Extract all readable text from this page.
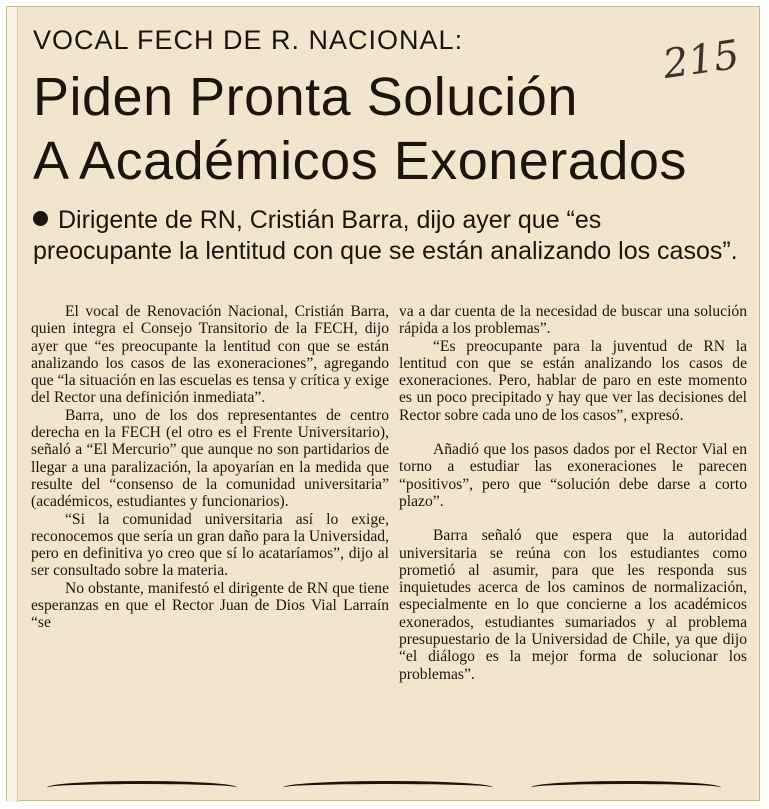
VOCAL FECH DE R. NACIONAL:	215
Piden Pronta Solución
A Académicos Exonerados
Dirigente de RN, Cristián Barra, dijo ayer que “es preocupante la lentitud con que se están analizando los casos”.

El vocal de Renovación Nacional, Cristián Barra, quien integra el Consejo Transitorio de la FECH, dijo ayer que “es preocupante la lentitud con que se están analizando los casos de las exoneraciones”, agregando que “la situación en las escuelas es tensa y crítica y exige del Rector una definición inmediata”.

Barra, uno de los dos representantes de centro derecha en la FECH (el otro es el Frente Universitario), señaló a “El Mercurio” que aunque no son partidarios de llegar a una paralización, la apoyarían en la medida que resulte del “consenso de la comunidad universitaria” (académicos, estudiantes y funcionarios).

“Si la comunidad universitaria así lo exige, reconocemos que sería un gran daño para la Universidad, pero en definitiva yo creo que sí lo acataríamos”, dijo al ser consultado sobre la materia.

No obstante, manifestó el dirigente de RN que tiene esperanzas en que el Rector Juan de Dios Vial Larraín “se

va a dar cuenta de la necesidad de buscar una solución rápida a los problemas”.

“Es preocupante para la juventud de RN la lentitud con que se están analizando los casos de exoneraciones. Pero, hablar de paro en este momento es un poco precipitado y hay que ver las decisiones del Rector sobre cada uno de los casos”, expresó.

Añadió que los pasos dados por el Rector Vial en torno a estudiar las exoneraciones le parecen “positivos”, pero que “solución debe darse a corto plazo”.

Barra señaló que espera que la autoridad universitaria se reúna con los estudiantes como prometió al asumir, para que les responda sus inquietudes acerca de los caminos de normalización, especialmente en lo que concierne a los académicos exonerados, estudiantes sumariados y al problema presupuestario de la Universidad de Chile, ya que dijo “el diálogo es la mejor forma de solucionar los problemas”.
